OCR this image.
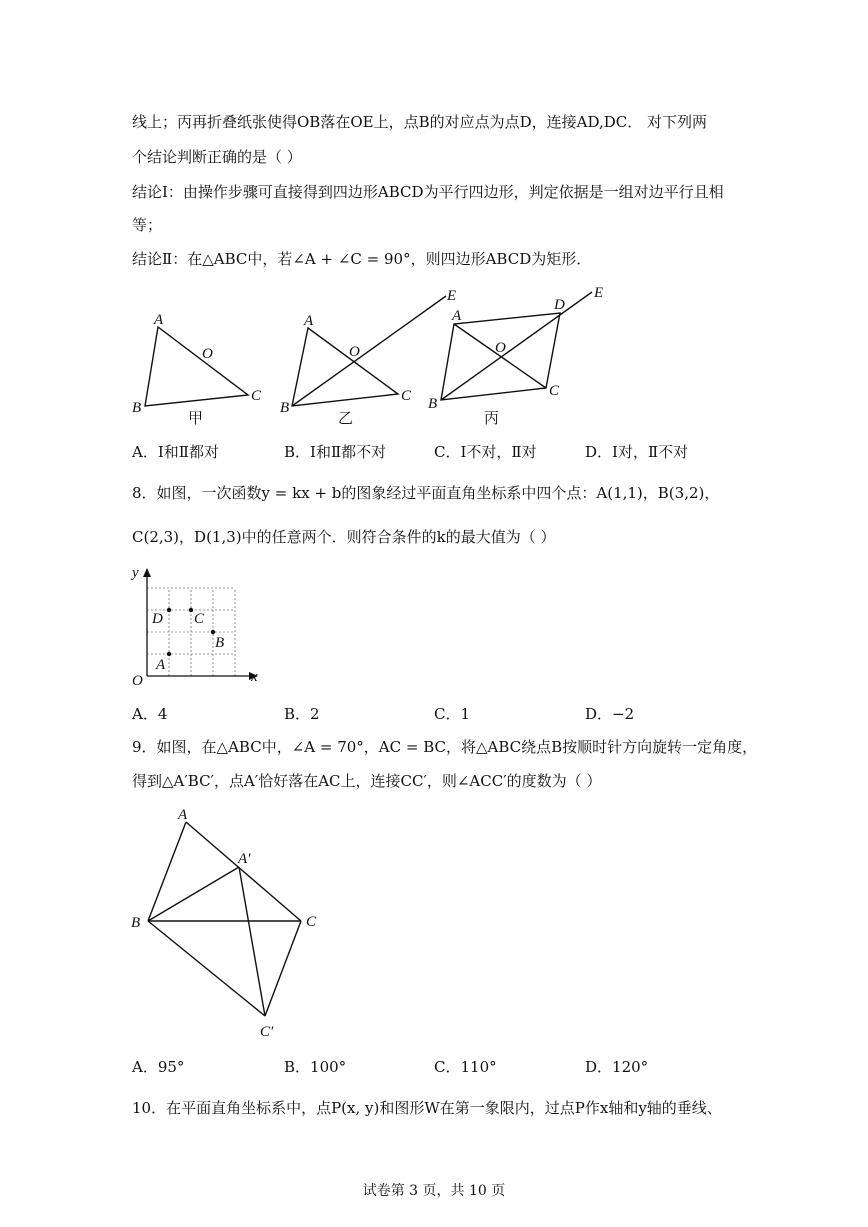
线上；丙再折叠纸张使得OB落在OE上，点B的对应点为点D，连接AD,DC． 对下列两
个结论判断正确的是（ ）
结论Ⅰ：由操作步骤可直接得到四边形ABCD为平行四边形，判定依据是一组对边平行且相
等；
结论Ⅱ：在△ABC中，若∠A + ∠C = 90°，则四边形ABCD为矩形．
A
B
C
O
甲
A
B
C
O
E
乙
A
B
C
D
O
E
丙
A．Ⅰ和Ⅱ都对	B．Ⅰ和Ⅱ都不对	C．Ⅰ不对，Ⅱ对	D．Ⅰ对，Ⅱ不对
8．如图，一次函数y = kx + b的图象经过平面直角坐标系中四个点：A(1,1)，B(3,2)，
C(2,3)，D(1,3)中的任意两个．则符合条件的k的最大值为（ ）
x
y
O
A
B
C
D
A．4	B．2	C．1	D．−2
9．如图，在△ABC中，∠A = 70°，AC = BC，将△ABC绕点B按顺时针方向旋转一定角度，
得到△A′BC′，点A′恰好落在AC上，连接CC′，则∠ACC′的度数为（ ）
A
A′
B	C
C′
A．95°	B．100°	C．110°	D．120°
10．在平面直角坐标系中，点P(x, y)和图形W在第一象限内，过点P作x轴和y轴的垂线、
试卷第 3 页，共 10 页
